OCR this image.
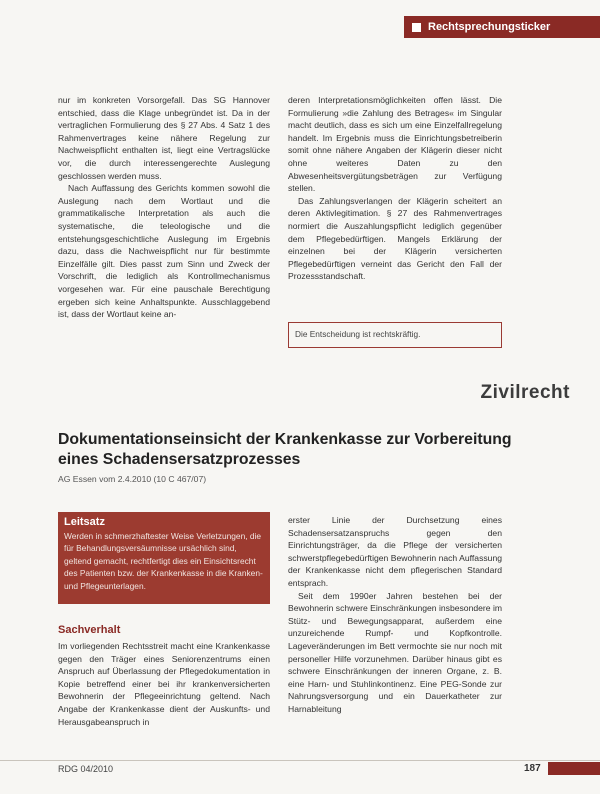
Rechtsprechungsticker

nur im konkreten Vorsorgefall. Das SG Hannover entschied, dass die Klage unbegründet ist. Da in der vertraglichen Formulierung des § 27 Abs. 4 Satz 1 des Rahmenvertrages keine nähere Regelung zur Nachweispflicht enthalten ist, liegt eine Vertragslücke vor, die durch interessengerechte Auslegung geschlossen werden muss.

Nach Auffassung des Gerichts kommen sowohl die Auslegung nach dem Wortlaut und die grammatikalische Interpretation als auch die systematische, die teleologische und die entstehungsgeschichtliche Auslegung im Ergebnis dazu, dass die Nachweispflicht nur für bestimmte Einzelfälle gilt. Dies passt zum Sinn und Zweck der Vorschrift, die lediglich als Kontrollmechanismus vorgesehen war. Für eine pauschale Berechtigung ergeben sich keine Anhaltspunkte. Ausschlaggebend ist, dass der Wortlaut keine an-

deren Interpretationsmöglichkeiten offen lässt. Die Formulierung »die Zahlung des Betrages« im Singular macht deutlich, dass es sich um eine Einzelfallregelung handelt. Im Ergebnis muss die Einrichtungsbetreiberin somit ohne nähere Angaben der Klägerin dieser nicht ohne weiteres Daten zu den Abwesenheitsvergütungsbeträgen zur Verfügung stellen.

Das Zahlungsverlangen der Klägerin scheitert an deren Aktivlegitimation. § 27 des Rahmenvertrages normiert die Auszahlungspflicht lediglich gegenüber dem Pflegebedürftigen. Mangels Erklärung der einzelnen bei der Klägerin versicherten Pflegebedürftigen verneint das Gericht den Fall der Prozessstandschaft.

Die Entscheidung ist rechtskräftig.
Zivilrecht
Dokumentationseinsicht der Krankenkasse zur Vorbereitung eines Schadensersatzprozesses
AG Essen vom 2.4.2010 (10 C 467/07)
Leitsatz
Werden in schmerzhaftester Weise Verletzungen, die für Behandlungsversäumnisse ursächlich sind, geltend gemacht, rechtfertigt dies ein Einsichtsrecht des Patienten bzw. der Krankenkasse in die Kranken- und Pflegeunterlagen.
Sachverhalt

Im vorliegenden Rechtsstreit macht eine Krankenkasse gegen den Träger eines Seniorenzentrums einen Anspruch auf Überlassung der Pflegedokumentation in Kopie betreffend einer bei ihr krankenversicherten Bewohnerin der Pflegeeinrichtung geltend. Nach Angabe der Krankenkasse dient der Auskunfts- und Herausgabeanspruch in

erster Linie der Durchsetzung eines Schadensersatzanspruchs gegen den Einrichtungsträger, da die Pflege der versicherten schwerstpflegebedürftigen Bewohnerin nach Auffassung der Krankenkasse nicht dem pflegerischen Standard entsprach.

Seit dem 1990er Jahren bestehen bei der Bewohnerin schwere Einschränkungen insbesondere im Stütz- und Bewegungsapparat, außerdem eine unzureichende Rumpf- und Kopfkontrolle. Lageveränderungen im Bett vermochte sie nur noch mit personeller Hilfe vorzunehmen. Darüber hinaus gibt es schwere Einschränkungen der inneren Organe, z. B. eine Harn- und Stuhlinkontinenz. Eine PEG-Sonde zur Nahrungsversorgung und ein Dauerkatheter zur Harnableitung

RDG 04/2010	187
